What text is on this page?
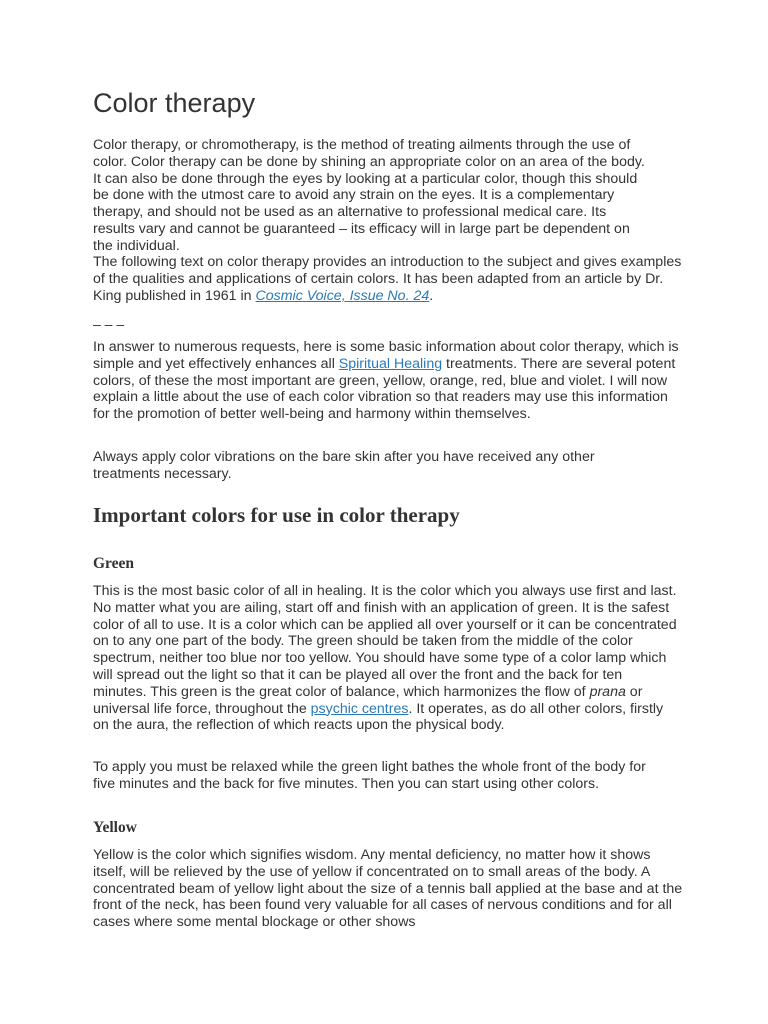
Color therapy

Color therapy, or chromotherapy, is the method of treating ailments through the use of color. Color therapy can be done by shining an appropriate color on an area of the body. It can also be done through the eyes by looking at a particular color, though this should be done with the utmost care to avoid any strain on the eyes. It is a complementary therapy, and should not be used as an alternative to professional medical care. Its results vary and cannot be guaranteed – its efficacy will in large part be dependent on the individual.

The following text on color therapy provides an introduction to the subject and gives examples of the qualities and applications of certain colors. It has been adapted from an article by Dr. King published in 1961 in Cosmic Voice, Issue No. 24.

– – –

In answer to numerous requests, here is some basic information about color therapy, which is simple and yet effectively enhances all Spiritual Healing treatments. There are several potent colors, of these the most important are green, yellow, orange, red, blue and violet. I will now explain a little about the use of each color vibration so that readers may use this information for the promotion of better well-being and harmony within themselves.

Always apply color vibrations on the bare skin after you have received any other treatments necessary.

Important colors for use in color therapy
Green

This is the most basic color of all in healing. It is the color which you always use first and last. No matter what you are ailing, start off and finish with an application of green. It is the safest color of all to use. It is a color which can be applied all over yourself or it can be concentrated on to any one part of the body. The green should be taken from the middle of the color spectrum, neither too blue nor too yellow. You should have some type of a color lamp which will spread out the light so that it can be played all over the front and the back for ten minutes. This green is the great color of balance, which harmonizes the flow of prana or universal life force, throughout the psychic centres. It operates, as do all other colors, firstly on the aura, the reflection of which reacts upon the physical body.

To apply you must be relaxed while the green light bathes the whole front of the body for five minutes and the back for five minutes. Then you can start using other colors.

Yellow

Yellow is the color which signifies wisdom. Any mental deficiency, no matter how it shows itself, will be relieved by the use of yellow if concentrated on to small areas of the body. A concentrated beam of yellow light about the size of a tennis ball applied at the base and at the front of the neck, has been found very valuable for all cases of nervous conditions and for all cases where some mental blockage or other shows
